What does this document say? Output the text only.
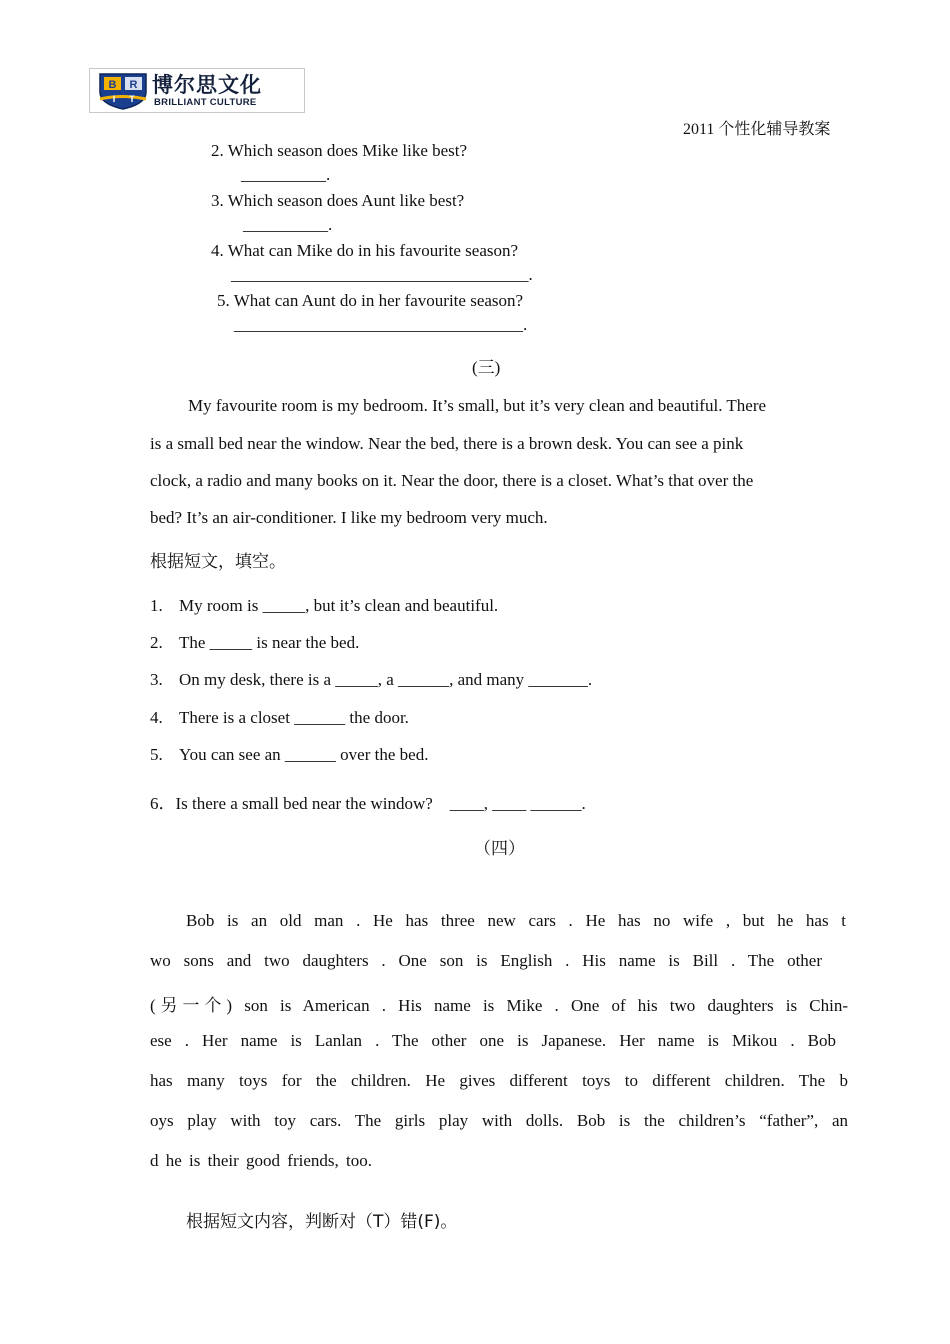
B R
I T
博尔思文化
BRILLIANT CULTURE
2011 个性化辅导教案
2. Which season does Mike like best?
__________.
3. Which season does Aunt like best?
__________.
4. What can Mike do in his favourite season?
___________________________________.
5. What can Aunt do in her favourite season?
__________________________________.
(三)
My favourite room is my bedroom. It’s small, but it’s very clean and beautiful. There
is a small bed near the window. Near the bed, there is a brown desk. You can see a pink
clock, a radio and many books on it. Near the door, there is a closet. What’s that over the
bed? It’s an air-conditioner. I like my bedroom very much.
根据短文，填空。
1. My room is _____, but it’s clean and beautiful.
2. The _____ is near the bed.
3. On my desk, there is a _____, a ______, and many _______.
4. There is a closet ______ the door.
5. You can see an ______ over the bed.
6．Is there a small bed near the window?    ____, ____ ______.
（四）
Bob is an old man . He has three new cars . He has no wife , but he has t
wo sons and two daughters . One son is English . His name is Bill . The other
(另一个) son is American . His name is Mike . One of his two daughters is Chin-
ese . Her name is Lanlan . The other one is Japanese. Her name is Mikou . Bob
has many toys for the children. He gives different toys to different children. The b
oys play with toy cars. The girls play with dolls. Bob is the children’s “father”, an
d he is their good friends, too.
根据短文内容，判断对（T）错(F)。
